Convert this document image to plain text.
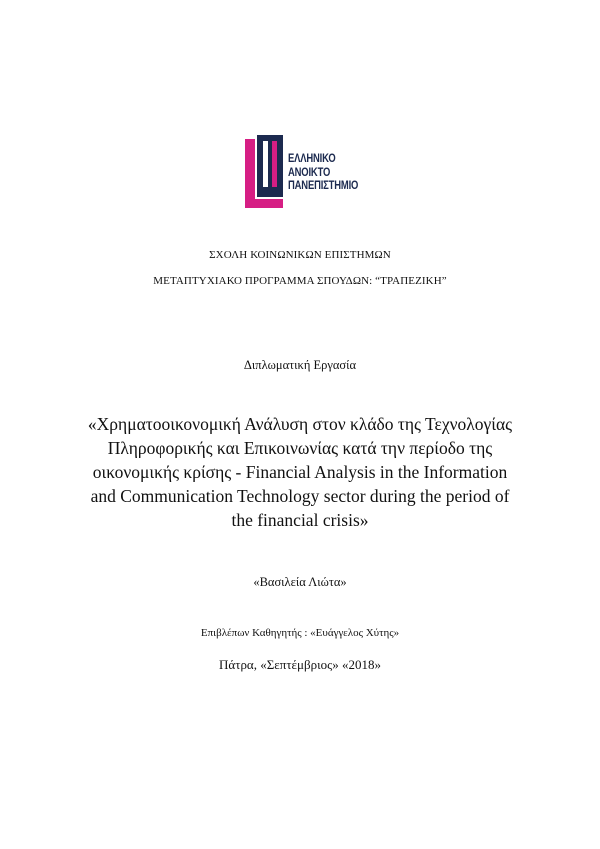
ΕΛΛΗΝΙΚΟ
ΑΝΟΙΚΤΟ
ΠΑΝΕΠΙΣΤΗΜΙΟ
ΣΧΟΛΗ ΚΟΙΝΩΝΙΚΩΝ ΕΠΙΣΤΗΜΩΝ
ΜΕΤΑΠΤΥΧΙΑΚΟ ΠΡΟΓΡΑΜΜΑ ΣΠΟΥΔΩΝ: “ΤΡΑΠΕΖΙΚΗ”
Διπλωματική Εργασία
«Χρηματοοικονομική Ανάλυση στον κλάδο της Τεχνολογίας
Πληροφορικής και Επικοινωνίας κατά την περίοδο της
οικονομικής κρίσης - Financial Analysis in the Information
and Communication Technology sector during the period of
the financial crisis»
«Βασιλεία Λιώτα»
Επιβλέπων Καθηγητής : «Ευάγγελος Χύτης»
Πάτρα, «Σεπτέμβριος» «2018»
